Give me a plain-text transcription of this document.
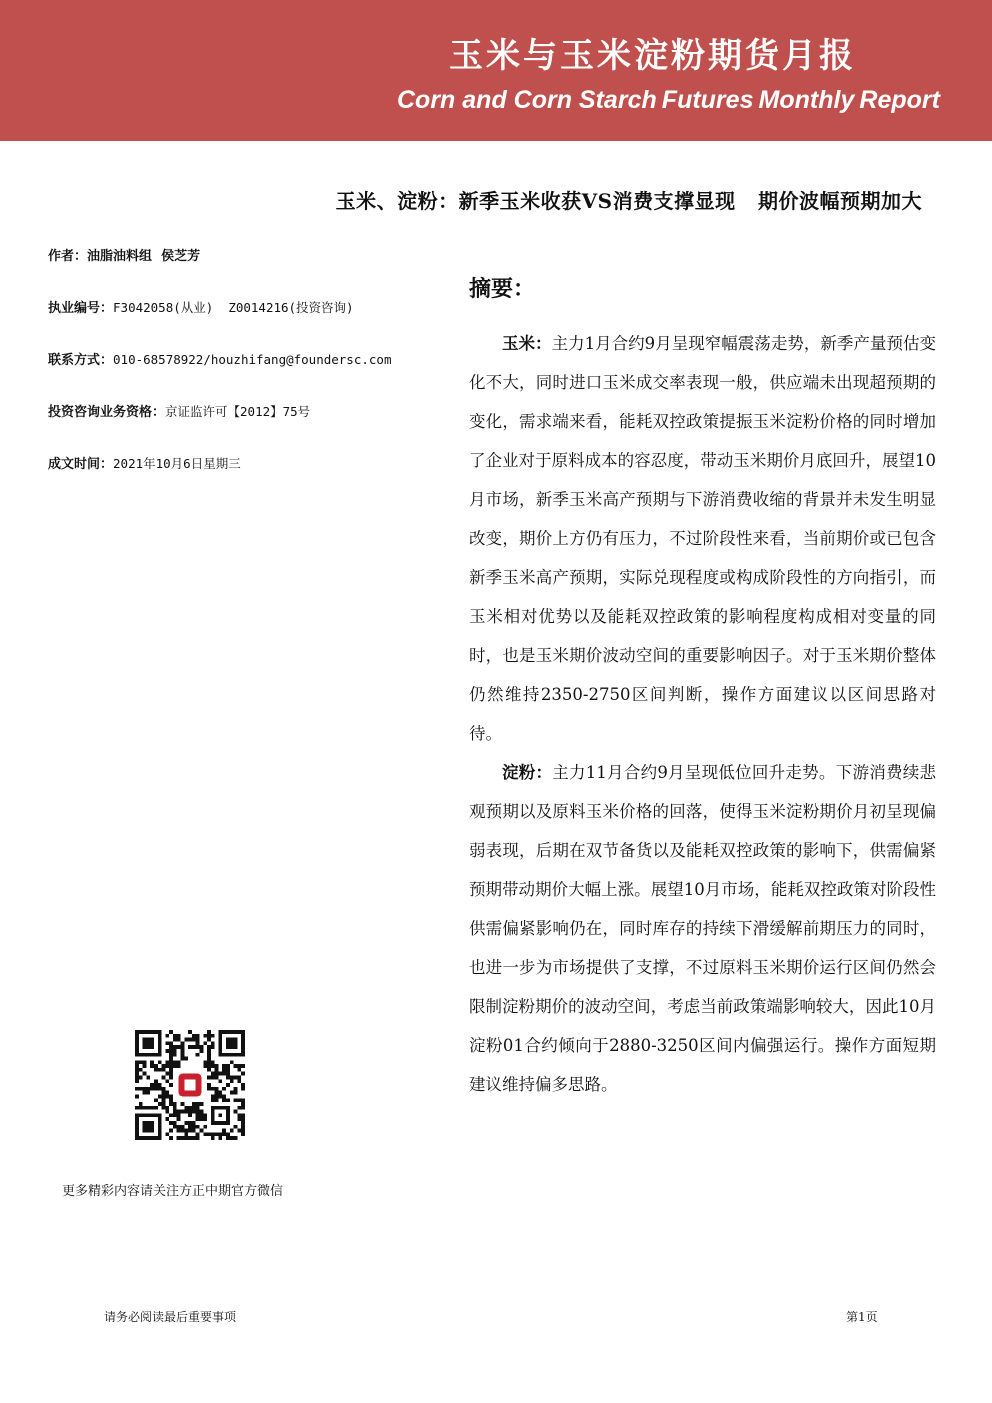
玉米与玉米淀粉期货月报
Corn and Corn Starch Futures Monthly Report
玉米、淀粉：新季玉米收获VS消费支撑显现   期价波幅预期加大
作者：油脂油料组  侯芝芳
执业编号：F3042058(从业)  Z0014216(投资咨询)
联系方式：010-68578922/houzhifang@foundersc.com
投资咨询业务资格：京证监许可【2012】75号
成文时间：2021年10月6日星期三
摘要：

玉米：主力1月合约9月呈现窄幅震荡走势，新季产量预估变化不大，同时进口玉米成交率表现一般，供应端未出现超预期的变化，需求端来看，能耗双控政策提振玉米淀粉价格的同时增加了企业对于原料成本的容忍度，带动玉米期价月底回升，展望10月市场，新季玉米高产预期与下游消费收缩的背景并未发生明显改变，期价上方仍有压力，不过阶段性来看，当前期价或已包含新季玉米高产预期，实际兑现程度或构成阶段性的方向指引，而玉米相对优势以及能耗双控政策的影响程度构成相对变量的同时，也是玉米期价波动空间的重要影响因子。对于玉米期价整体仍然维持2350-2750区间判断，操作方面建议以区间思路对待。

淀粉：主力11月合约9月呈现低位回升走势。下游消费续悲观预期以及原料玉米价格的回落，使得玉米淀粉期价月初呈现偏弱表现，后期在双节备货以及能耗双控政策的影响下，供需偏紧预期带动期价大幅上涨。展望10月市场，能耗双控政策对阶段性供需偏紧影响仍在，同时库存的持续下滑缓解前期压力的同时，也进一步为市场提供了支撑，不过原料玉米期价运行区间仍然会限制淀粉期价的波动空间，考虑当前政策端影响较大，因此10月淀粉01合约倾向于2880-3250区间内偏强运行。操作方面短期建议维持偏多思路。

更多精彩内容请关注方正中期官方微信
请务必阅读最后重要事项	第1页
